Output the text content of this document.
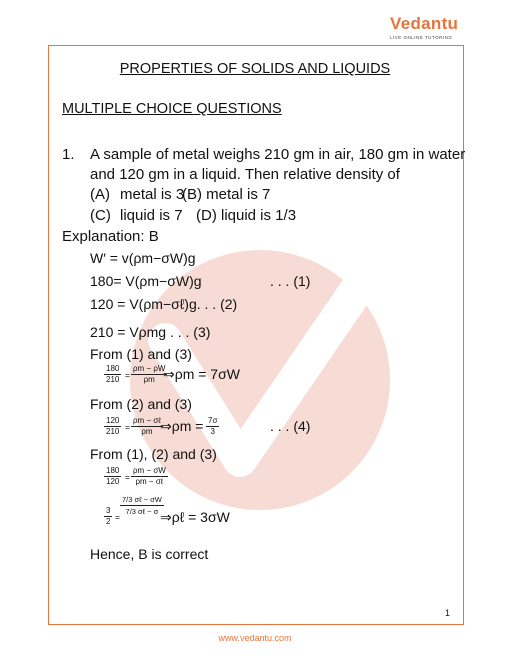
Vedantu
LIVE ONLINE TUTORING
PROPERTIES OF SOLIDS AND LIQUIDS
MULTIPLE CHOICE QUESTIONS
1. A sample of metal weighs 210 gm in air, 180 gm in water
and 120 gm in a liquid. Then relative density of
(A) metal is 3
(B) metal is 7
(C) liquid is 7 (D) liquid is 1/3
Explanation: B
W′ = v(ρm−σW)g
180= V(ρm−σW)g	. . . (1)
120 = V(ρm−σℓ)g. . . (2)
210 = Vρmg . . . (3)
From (1) and (3)
$\frac{180}{210} = \frac{\rho m - \rho W}{\rho m}$
⇒ρm = 7σW
From (2) and (3)
$\frac{120}{210}$ =
ρm − σℓ
ρm ⇒ρm = $\frac{7\sigma}{3}$	. . . (4)
From (1), (2) and (3)
$\frac{180}{120}$ =
ρm − σW
ρm − σℓ
$\frac{3}{2}$ =
7/3 σℓ − σW
7/3 σℓ − σ ⇒ρℓ = 3σW
Hence, B is correct
1
www.vedantu.com
